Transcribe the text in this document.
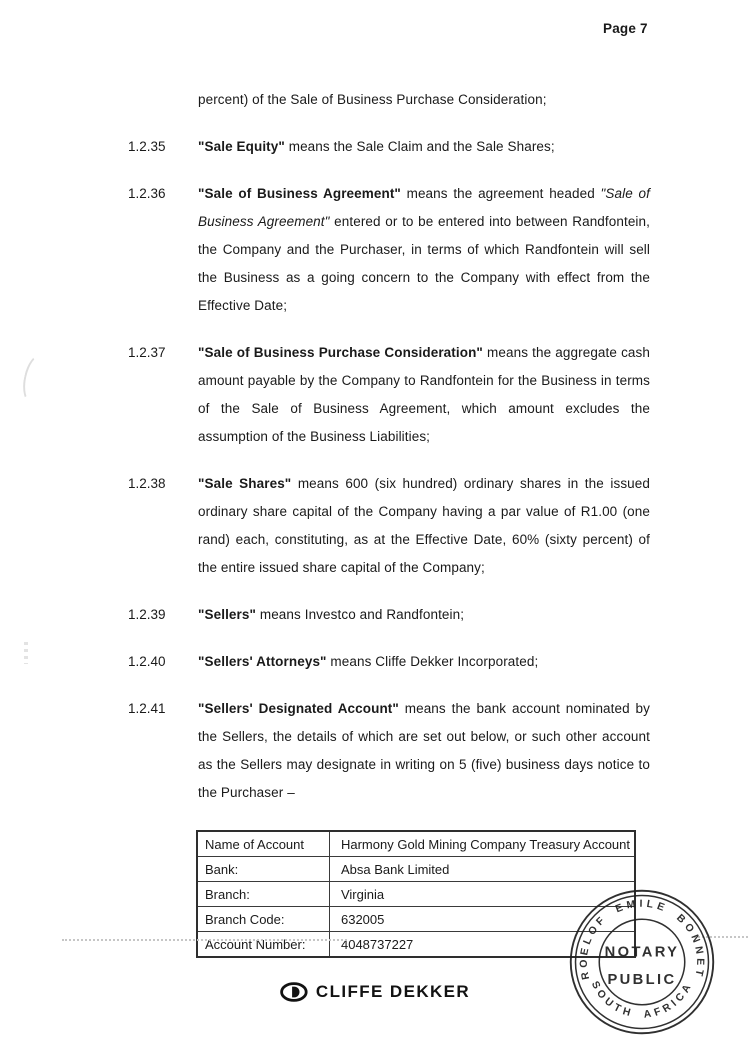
Page 7
percent) of the Sale of Business Purchase Consideration;
1.2.35	"Sale Equity" means the Sale Claim and the Sale Shares;
1.2.36	"Sale of Business Agreement" means the agreement headed "Sale of Business Agreement" entered or to be entered into between Randfontein, the Company and the Purchaser, in terms of which Randfontein will sell the Business as a going concern to the Company with effect from the Effective Date;
1.2.37	"Sale of Business Purchase Consideration" means the aggregate cash amount payable by the Company to Randfontein for the Business in terms of the Sale of Business Agreement, which amount excludes the assumption of the Business Liabilities;
1.2.38	"Sale Shares" means 600 (six hundred) ordinary shares in the issued ordinary share capital of the Company having a par value of R1.00 (one rand) each, constituting, as at the Effective Date, 60% (sixty percent) of the entire issued share capital of the Company;
1.2.39	"Sellers" means Investco and Randfontein;
1.2.40	"Sellers' Attorneys" means Cliffe Dekker Incorporated;
1.2.41	"Sellers' Designated Account" means the bank account nominated by the Sellers, the details of which are set out below, or such other account as the Sellers may designate in writing on 5 (five) business days notice to the Purchaser –
Name of Account	Harmony Gold Mining Company Treasury Account
Bank:	Absa Bank Limited
Branch:	Virginia
Branch Code:	632005
Account Number:	4048737227
ROELOF EMILE BONNET
SOUTH AFRICA
NOTARY
PUBLIC
CLIFFE DEKKER
